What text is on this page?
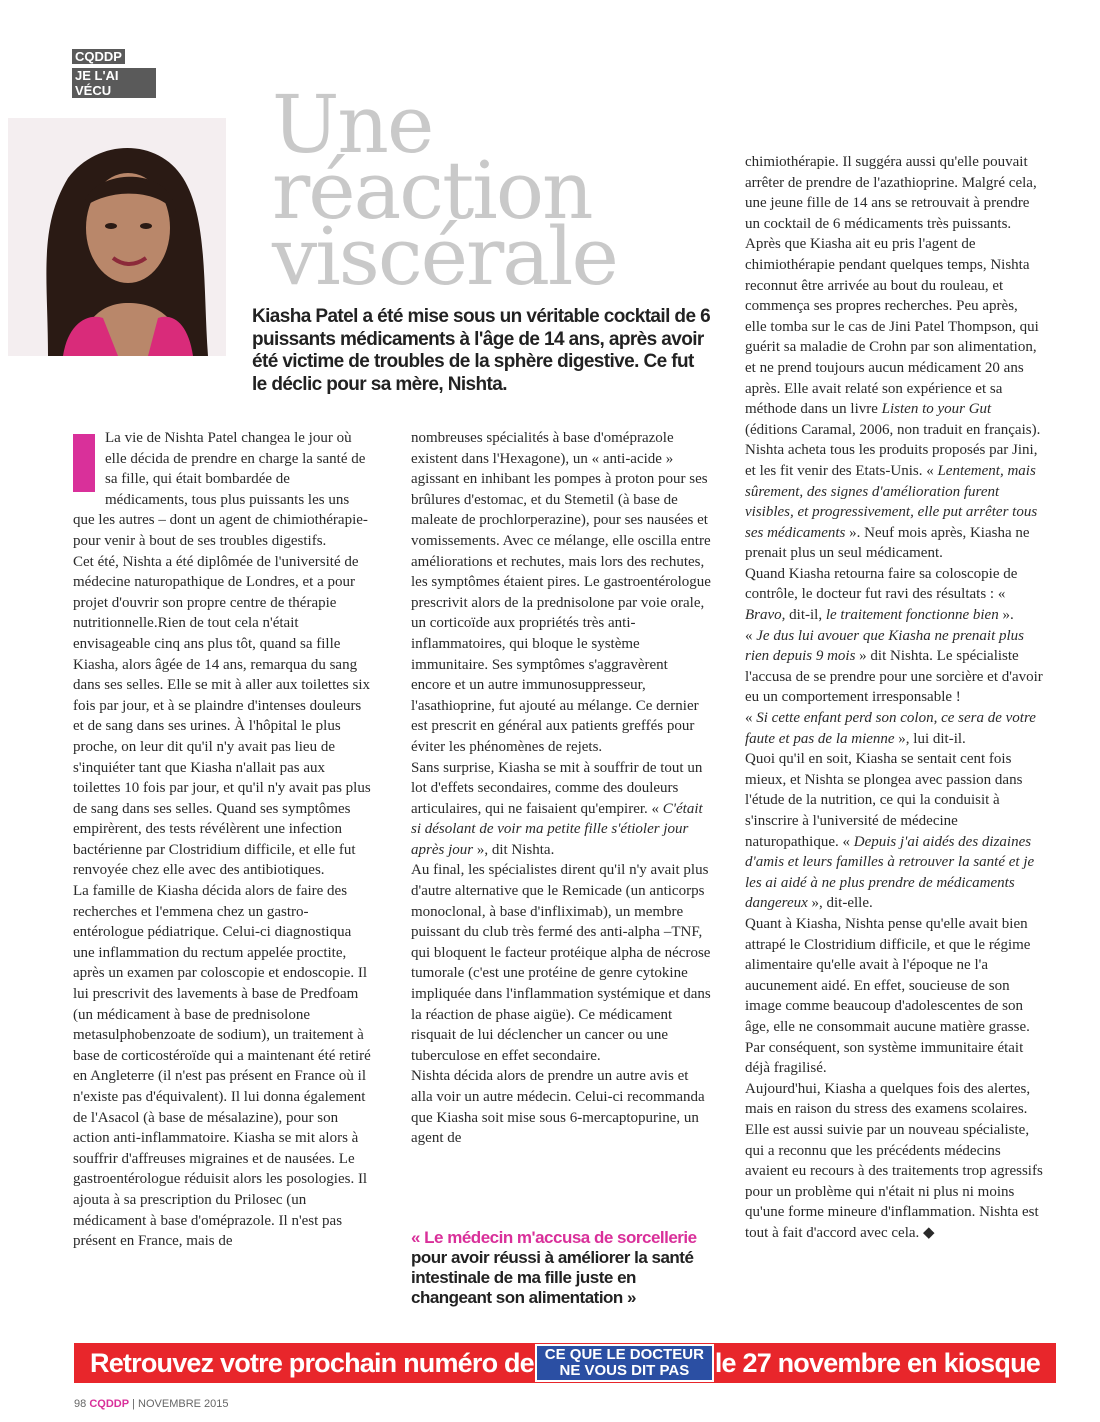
CQDDP
JE L'AI VÉCU	Une
réaction
viscérale
Kiasha Patel a été mise sous un véritable cocktail de 6 puissants médicaments à l'âge de 14 ans, après avoir été victime de troubles de la sphère digestive. Ce fut le déclic pour sa mère, Nishta.

La vie de Nishta Patel changea le jour où elle décida de prendre en charge la santé de sa fille, qui était bombardée de médicaments, tous plus puissants les uns que les autres – dont un agent de chimiothérapie- pour venir à bout de ses troubles digestifs.

Cet été, Nishta a été diplômée de l'université de médecine naturopathique de Londres, et a pour projet d'ouvrir son propre centre de thérapie nutritionnelle.Rien de tout cela n'était envisageable cinq ans plus tôt, quand sa fille Kiasha, alors âgée de 14 ans, remarqua du sang dans ses selles. Elle se mit à aller aux toilettes six fois par jour, et à se plaindre d'intenses douleurs et de sang dans ses urines. À l'hôpital le plus proche, on leur dit qu'il n'y avait pas lieu de s'inquiéter tant que Kiasha n'allait pas aux toilettes 10 fois par jour, et qu'il n'y avait pas plus de sang dans ses selles. Quand ses symptômes empirèrent, des tests révélèrent une infection bactérienne par Clostridium difficile, et elle fut renvoyée chez elle avec des antibiotiques.

La famille de Kiasha décida alors de faire des recherches et l'emmena chez un gastro-entérologue pédiatrique. Celui-ci diagnostiqua une inflammation du rectum appelée proctite, après un examen par coloscopie et endoscopie. Il lui prescrivit des lavements à base de Predfoam (un médicament à base de prednisolone metasulphobenzoate de sodium), un traitement à base de corticostéroïde qui a maintenant été retiré en Angleterre (il n'est pas présent en France où il n'existe pas d'équivalent). Il lui donna également de l'Asacol (à base de mésalazine), pour son action anti-inflammatoire. Kiasha se mit alors à souffrir d'affreuses migraines et de nausées. Le gastroentérologue réduisit alors les posologies. Il ajouta à sa prescription du Prilosec (un médicament à base d'oméprazole. Il n'est pas présent en France, mais de

nombreuses spécialités à base d'oméprazole existent dans l'Hexagone), un « anti-acide » agissant en inhibant les pompes à proton pour ses brûlures d'estomac, et du Stemetil (à base de maleate de prochlorperazine), pour ses nausées et vomissements. Avec ce mélange, elle oscilla entre améliorations et rechutes, mais lors des rechutes, les symptômes étaient pires. Le gastroentérologue prescrivit alors de la prednisolone par voie orale, un corticoïde aux propriétés très anti-inflammatoires, qui bloque le système immunitaire. Ses symptômes s'aggravèrent encore et un autre immunosuppresseur, l'asathioprine, fut ajouté au mélange. Ce dernier est prescrit en général aux patients greffés pour éviter les phénomènes de rejets.

Sans surprise, Kiasha se mit à souffrir de tout un lot d'effets secondaires, comme des douleurs articulaires, qui ne faisaient qu'empirer. « C'était si désolant de voir ma petite fille s'étioler jour après jour », dit Nishta.

Au final, les spécialistes dirent qu'il n'y avait plus d'autre alternative que le Remicade (un anticorps monoclonal, à base d'infliximab), un membre puissant du club très fermé des anti-alpha –TNF, qui bloquent le facteur protéique alpha de nécrose tumorale (c'est une protéine de genre cytokine impliquée dans l'inflammation systémique et dans la réaction de phase aigüe). Ce médicament risquait de lui déclencher un cancer ou une tuberculose en effet secondaire.

Nishta décida alors de prendre un autre avis et alla voir un autre médecin. Celui-ci recommanda que Kiasha soit mise sous 6-mercaptopurine, un agent de

« Le médecin m'accusa de sorcellerie
pour avoir réussi à améliorer la santé intestinale de ma fille juste en changeant son alimentation »

chimiothérapie. Il suggéra aussi qu'elle pouvait arrêter de prendre de l'azathioprine. Malgré cela, une jeune fille de 14 ans se retrouvait à prendre un cocktail de 6 médicaments très puissants.

Après que Kiasha ait eu pris l'agent de chimiothérapie pendant quelques temps, Nishta reconnut être arrivée au bout du rouleau, et commença ses propres recherches. Peu après, elle tomba sur le cas de Jini Patel Thompson, qui guérit sa maladie de Crohn par son alimentation, et ne prend toujours aucun médicament 20 ans après. Elle avait relaté son expérience et sa méthode dans un livre Listen to your Gut (éditions Caramal, 2006, non traduit en français).

Nishta acheta tous les produits proposés par Jini, et les fit venir des Etats-Unis. « Lentement, mais sûrement, des signes d'amélioration furent visibles, et progressivement, elle put arrêter tous ses médicaments ». Neuf mois après, Kiasha ne prenait plus un seul médicament.

Quand Kiasha retourna faire sa coloscopie de contrôle, le docteur fut ravi des résultats : « Bravo, dit-il, le traitement fonctionne bien ».

« Je dus lui avouer que Kiasha ne prenait plus rien depuis 9 mois » dit Nishta. Le spécialiste l'accusa de se prendre pour une sorcière et d'avoir eu un comportement irresponsable !

« Si cette enfant perd son colon, ce sera de votre faute et pas de la mienne », lui dit-il.

Quoi qu'il en soit, Kiasha se sentait cent fois mieux, et Nishta se plongea avec passion dans l'étude de la nutrition, ce qui la conduisit à s'inscrire à l'université de médecine naturopathique. « Depuis j'ai aidés des dizaines d'amis et leurs familles à retrouver la santé et je les ai aidé à ne plus prendre de médicaments dangereux », dit-elle.

Quant à Kiasha, Nishta pense qu'elle avait bien attrapé le Clostridium difficile, et que le régime alimentaire qu'elle avait à l'époque ne l'a aucunement aidé. En effet, soucieuse de son image comme beaucoup d'adolescentes de son âge, elle ne consommait aucune matière grasse. Par conséquent, son système immunitaire était déjà fragilisé.

Aujourd'hui, Kiasha a quelques fois des alertes, mais en raison du stress des examens scolaires. Elle est aussi suivie par un nouveau spécialiste, qui a reconnu que les précédents médecins avaient eu recours à des traitements trop agressifs pour un problème qui n'était ni plus ni moins qu'une forme mineure d'inflammation. Nishta est tout à fait d'accord avec cela. ◆

Retrouvez votre prochain numéro de CE QUE LE DOCTEUR
NE VOUS DIT PAS le 27 novembre en kiosque
98 CQDDP | NOVEMBRE 2015
